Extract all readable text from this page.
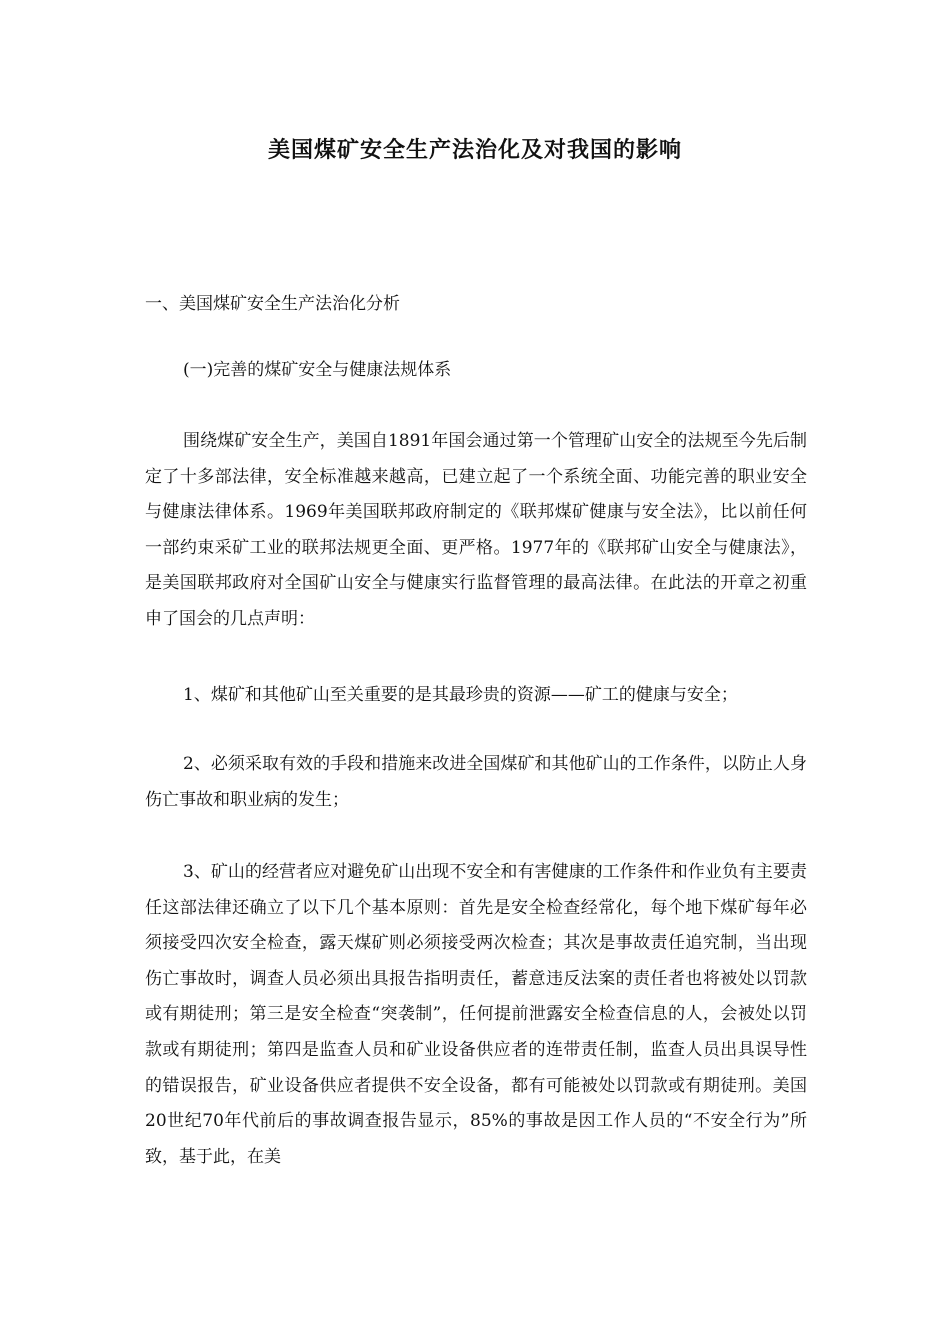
美国煤矿安全生产法治化及对我国的影响
一、美国煤矿安全生产法治化分析
(一)完善的煤矿安全与健康法规体系

围绕煤矿安全生产，美国自1891年国会通过第一个管理矿山安全的法规至今先后制定了十多部法律，安全标准越来越高，已建立起了一个系统全面、功能完善的职业安全与健康法律体系。1969年美国联邦政府制定的《联邦煤矿健康与安全法》，比以前任何一部约束采矿工业的联邦法规更全面、更严格。1977年的《联邦矿山安全与健康法》，是美国联邦政府对全国矿山安全与健康实行监督管理的最高法律。在此法的开章之初重申了国会的几点声明：

1、煤矿和其他矿山至关重要的是其最珍贵的资源——矿工的健康与安全；

2、必须采取有效的手段和措施来改进全国煤矿和其他矿山的工作条件，以防止人身伤亡事故和职业病的发生；

3、矿山的经营者应对避免矿山出现不安全和有害健康的工作条件和作业负有主要责任这部法律还确立了以下几个基本原则：首先是安全检查经常化，每个地下煤矿每年必须接受四次安全检查，露天煤矿则必须接受两次检查；其次是事故责任追究制，当出现伤亡事故时，调查人员必须出具报告指明责任，蓄意违反法案的责任者也将被处以罚款或有期徒刑；第三是安全检查“突袭制”，任何提前泄露安全检查信息的人，会被处以罚款或有期徒刑；第四是监查人员和矿业设备供应者的连带责任制，监查人员出具误导性的错误报告，矿业设备供应者提供不安全设备，都有可能被处以罚款或有期徒刑。美国20世纪70年代前后的事故调查报告显示，85%的事故是因工作人员的“不安全行为”所致，基于此，在美
